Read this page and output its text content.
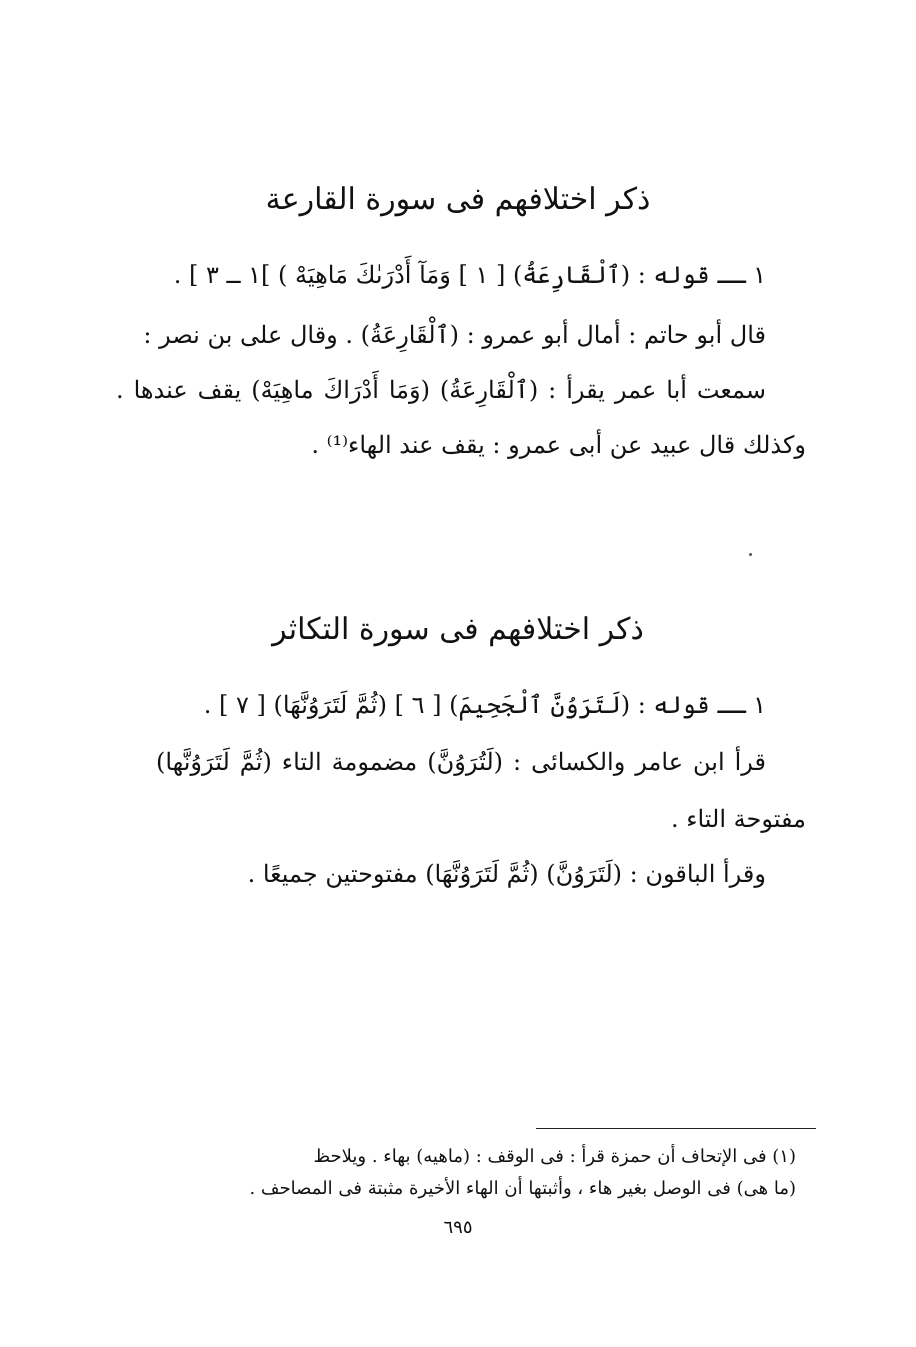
ذكر اختلافهم فى سورة القارعة

١ ــ قوله : (ٱلْقَارِعَةُ) [ ١ ] وَمَآ أَدْرَىٰكَ مَاهِيَهْ ) ]١ ــ ٣ ] .

قال أبو حاتم : أمال أبو عمرو : (ٱلْقَارِعَةُ) . وقال على بن نصر :

سمعت أبا عمر يقرأ : (ٱلْقَارِعَةُ) (وَمَا أَدْرَاكَ ماهِيَهْ) يقف عندها .

وكذلك قال عبيد عن أبى عمرو : يقف عند الهاء⁽¹⁾ .

ذكر اختلافهم فى سورة التكاثر

١ ــ قوله : (لَتَرَوُنَّ ٱلْجَحِيمَ) [ ٦ ] (ثُمَّ لَتَرَوُنَّهَا) [ ٧ ] .

قرأ ابن عامر والكسائى : (لَتُرَوُنَّ) مضمومة التاء (ثُمَّ لَتَرَوُنَّها)

مفتوحة التاء .

وقرأ الباقون : (لَتَرَوُنَّ) (ثُمَّ لَتَرَوُنَّهَا) مفتوحتين جميعًا .

(١) فى الإتحاف أن حمزة قرأ : فى الوقف : (ماهيه) بهاء . ويلاحظ

(ما هى) فى الوصل بغير هاء ، وأثبتها أن الهاء الأخيرة مثبتة فى المصاحف .

٦٩٥
